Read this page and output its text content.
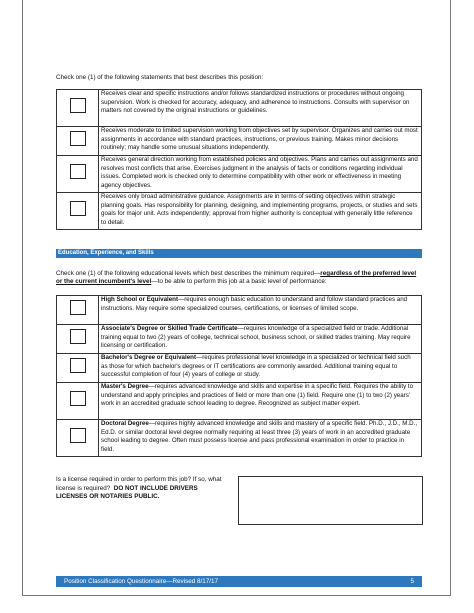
Check one (1) of the following statements that best describes this position:
	Receives clear and specific instructions and/or follows standardized instructions or procedures without ongoing supervision. Work is checked for accuracy, adequacy, and adherence to instructions. Consults with supervisor on matters not covered by the original instructions or guidelines.
	Receives moderate to limited supervision working from objectives set by supervisor. Organizes and carries out most assignments in accordance with standard practices, instructions, or previous training. Makes minor decisions routinely; may handle some unusual situations independently.
	Receives general direction working from established policies and objectives. Plans and carries out assignments and resolves most conflicts that arise. Exercises judgment in the analysis of facts or conditions regarding individual issues. Completed work is checked only to determine compatibility with other work or effectiveness in meeting agency objectives.
	Receives only broad administrative guidance. Assignments are in terms of setting objectives within strategic planning goals. Has responsibility for planning, designing, and implementing programs, projects, or studies and sets goals for major unit. Acts independently; approval from higher authority is conceptual with generally little reference to detail.
Education, Experience, and Skills
Check one (1) of the following educational levels which best describes the minimum required—regardless of the preferred level or the current incumbent's level—to be able to perform this job at a basic level of performance:
	High School or Equivalent—requires enough basic education to understand and follow standard practices and instructions. May require some specialized courses, certifications, or licenses of limited scope.
	Associate's Degree or Skilled Trade Certificate—requires knowledge of a specialized field or trade. Additional training equal to two (2) years of college, technical school, business school, or skilled trades training. May require licensing or certification.
	Bachelor's Degree or Equivalent—requires professional level knowledge in a specialized or technical field such as those for which bachelor's degrees or IT certifications are commonly awarded. Additional training equal to successful completion of four (4) years of college or study.
	Master's Degree—requires advanced knowledge and skills and expertise in a specific field. Requires the ability to understand and apply principles and practices of field or more than one (1) field. Require one (1) to two (2) years' work in an accredited graduate school leading to degree. Recognized as subject matter expert.
	Doctoral Degree—requires highly advanced knowledge and skills and mastery of a specific field. Ph.D., J.D., M.D., Ed.D. or similar doctoral level degree normally requiring at least three (3) years of work in an accredited graduate school leading to degree. Often must possess license and pass professional examination in order to practice in field.
Is a license required in order to perform this job? If so, what license is required? DO NOT INCLUDE DRIVERS LICENSES OR NOTARIES PUBLIC.
Position Classification Questionnaire—Revised 8/17/17	5
